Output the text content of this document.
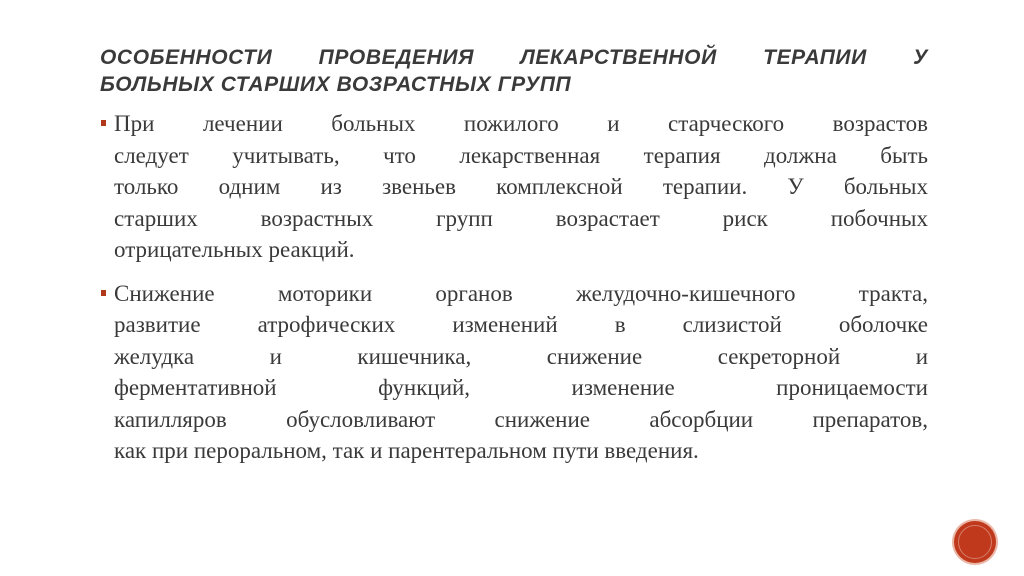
ОСОБЕННОСТИ ПРОВЕДЕНИЯ ЛЕКАРСТВЕННОЙ ТЕРАПИИ У
БОЛЬНЫХ СТАРШИХ ВОЗРАСТНЫХ ГРУПП
При лечении больных пожилого и старческого возрастов
следует учитывать, что лекарственная терапия должна быть
только одним из звеньев комплексной терапии. У больных
старших возрастных групп возрастает риск побочных
отрицательных реакций.
Снижение моторики органов желудочно-кишечного тракта,
развитие атрофических изменений в слизистой оболочке
желудка и кишечника, снижение секреторной и
ферментативной функций, изменение проницаемости
капилляров обусловливают снижение абсорбции препаратов,
как при пероральном, так и парентеральном пути введения.
